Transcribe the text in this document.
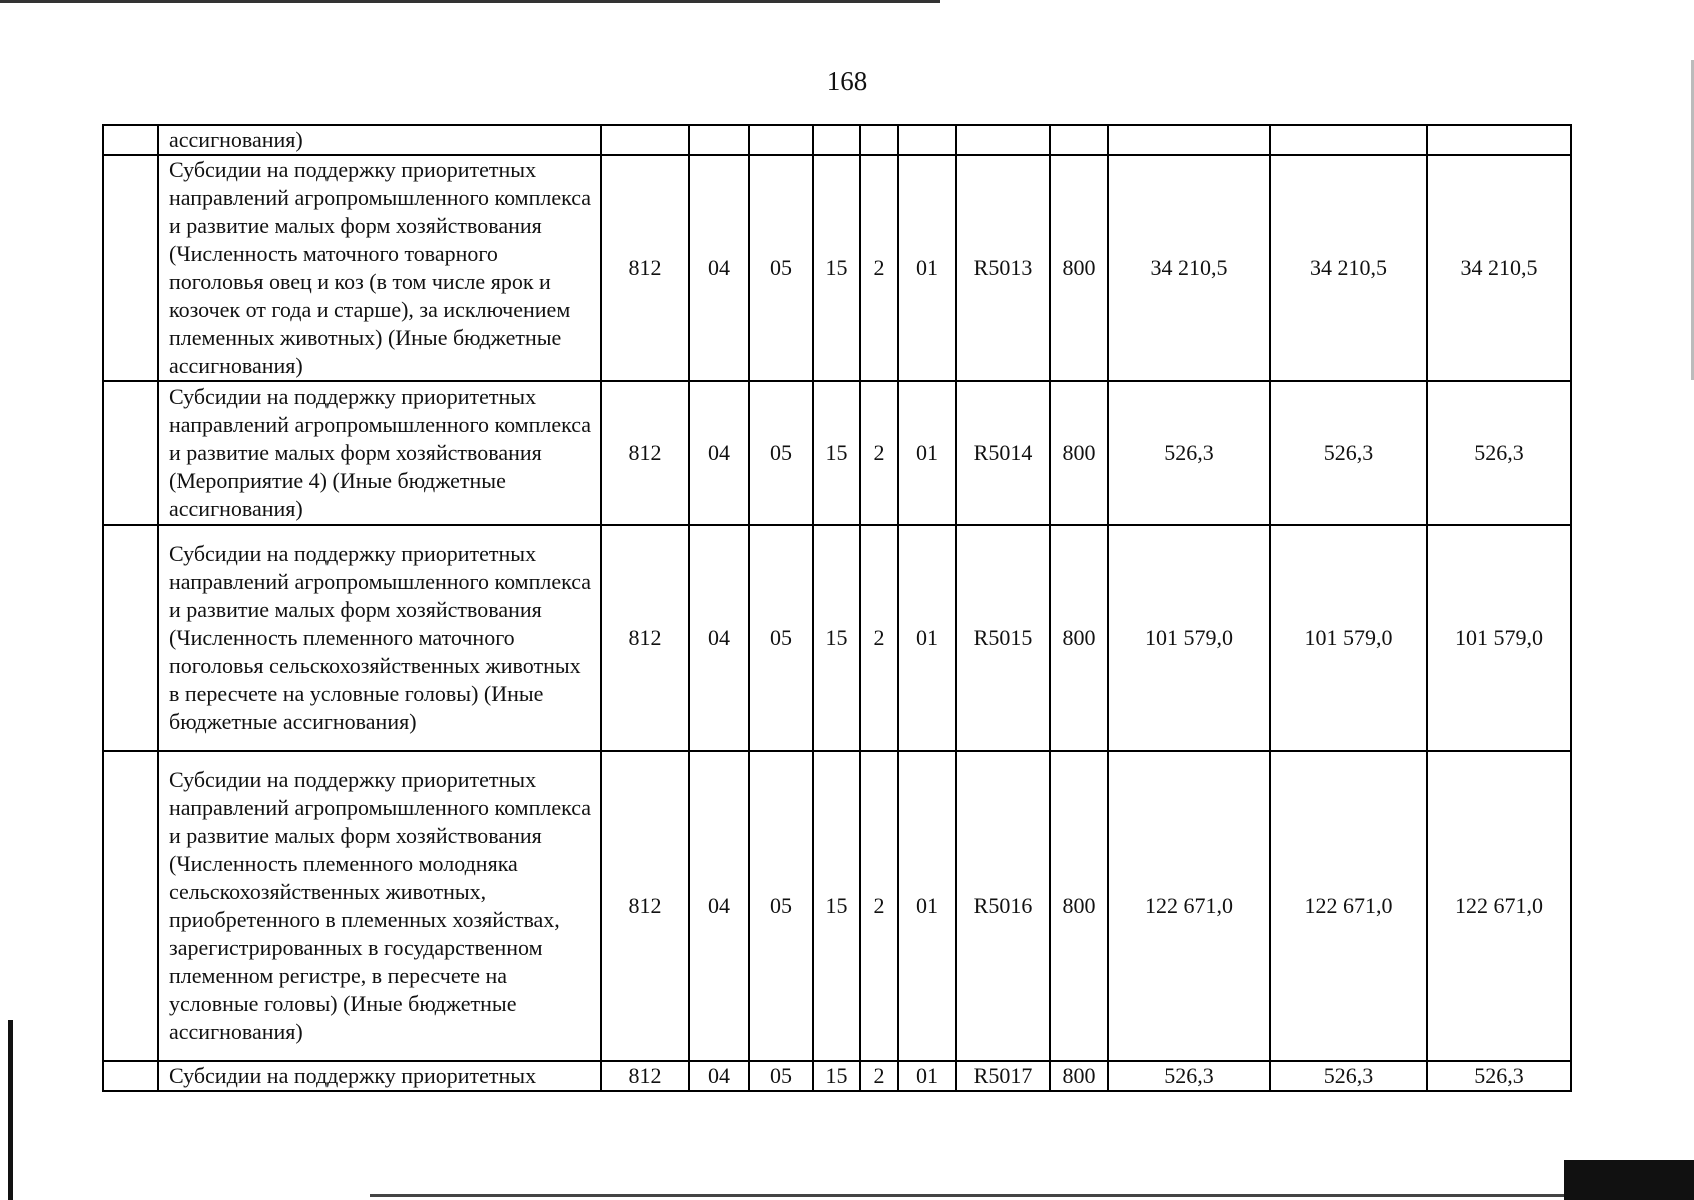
168
	ассигнования)											
	Субсидии на поддержку приоритетных направлений агропромышленного комплекса и развитие малых форм хозяйствования (Численность маточного товарного поголовья овец и коз (в том числе ярок и козочек от года и старше), за исключением племенных животных) (Иные бюджетные ассигнования)	812	04	05	15	2	01	R5013	800	34 210,5	34 210,5	34 210,5
	Субсидии на поддержку приоритетных направлений агропромышленного комплекса и развитие малых форм хозяйствования (Мероприятие 4) (Иные бюджетные ассигнования)	812	04	05	15	2	01	R5014	800	526,3	526,3	526,3
	Субсидии на поддержку приоритетных направлений агропромышленного комплекса и развитие малых форм хозяйствования (Численность племенного маточного поголовья сельскохозяйственных животных в пересчете на условные головы) (Иные бюджетные ассигнования)	812	04	05	15	2	01	R5015	800	101 579,0	101 579,0	101 579,0
	Субсидии на поддержку приоритетных направлений агропромышленного комплекса и развитие малых форм хозяйствования (Численность племенного молодняка сельскохозяйственных животных, приобретенного в племенных хозяйствах, зарегистрированных в государственном племенном регистре, в пересчете на условные головы) (Иные бюджетные ассигнования)	812	04	05	15	2	01	R5016	800	122 671,0	122 671,0	122 671,0
	Субсидии на поддержку приоритетных	812	04	05	15	2	01	R5017	800	526,3	526,3	526,3
